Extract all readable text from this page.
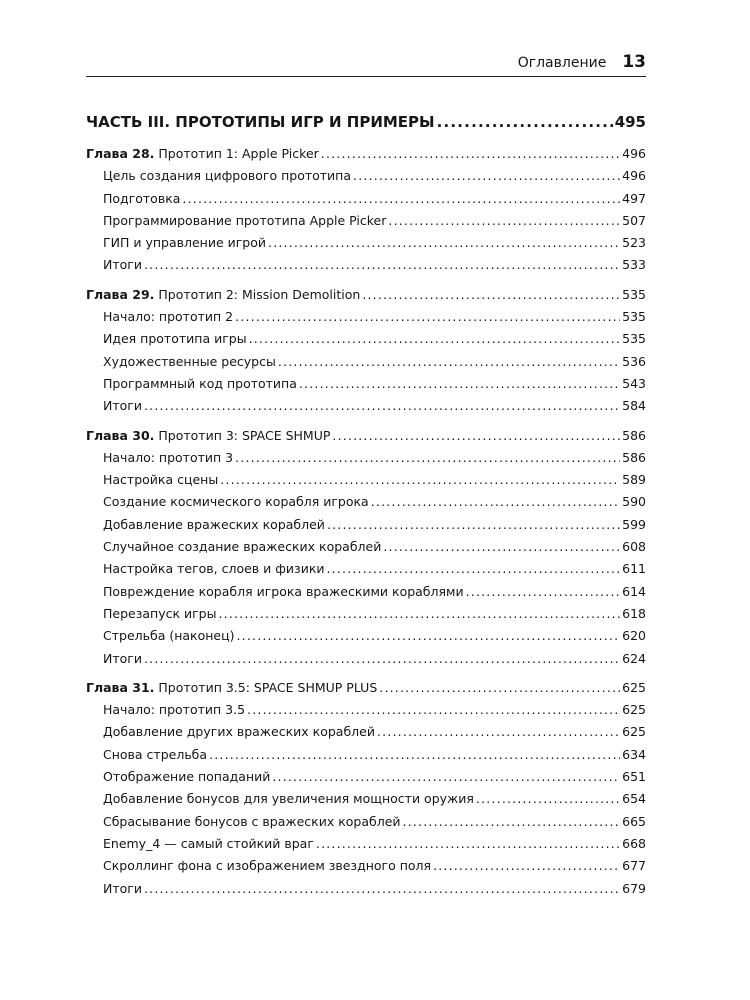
Оглавление 13
ЧАСТЬ III. ПРОТОТИПЫ ИГР И ПРИМЕРЫ .....	495
Глава 28. Прототип 1: Apple Picker .....	496
Цель создания цифрового прототипа .....	496
Подготовка .....	497
Программирование прототипа Apple Picker .....	507
ГИП и управление игрой .....	523
Итоги .....	533
Глава 29. Прототип 2: Mission Demolition .....	535
Начало: прототип 2 .....	535
Идея прототипа игры .....	535
Художественные ресурсы .....	536
Программный код прототипа .....	543
Итоги .....	584
Глава 30. Прототип 3: SPACE SHMUP .....	586
Начало: прототип 3 .....	586
Настройка сцены .....	589
Создание космического корабля игрока .....	590
Добавление вражеских кораблей .....	599
Случайное создание вражеских кораблей .....	608
Настройка тегов, слоев и физики .....	611
Повреждение корабля игрока вражескими кораблями .....	614
Перезапуск игры .....	618
Стрельба (наконец) .....	620
Итоги .....	624
Глава 31. Прототип 3.5: SPACE SHMUP PLUS .....	625
Начало: прототип 3.5 .....	625
Добавление других вражеских кораблей .....	625
Снова стрельба .....	634
Отображение попаданий .....	651
Добавление бонусов для увеличения мощности оружия .....	654
Сбрасывание бонусов с вражеских кораблей .....	665
Enemy_4 — самый стойкий враг .....	668
Скроллинг фона с изображением звездного поля .....	677
Итоги .....	679
